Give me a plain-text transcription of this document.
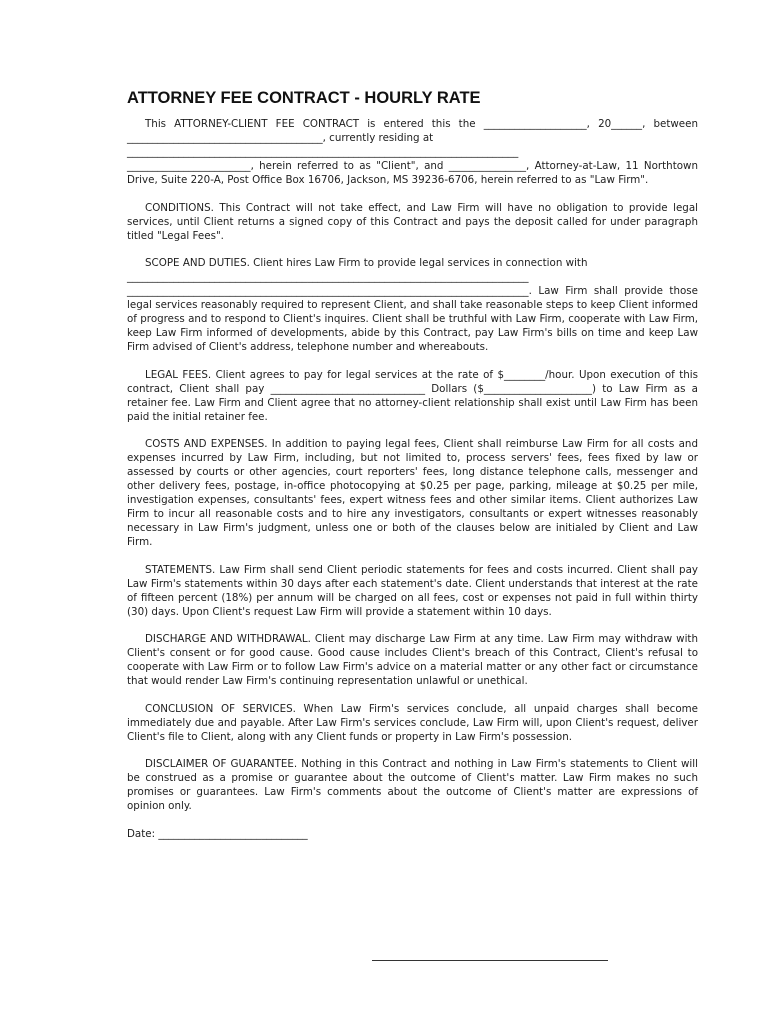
ATTORNEY FEE CONTRACT - HOURLY RATE

This ATTORNEY-CLIENT FEE CONTRACT is entered this the ____________________, 20______, between ______________________________________, currently residing at

____________________________________________________________________________

________________________, herein referred to as "Client", and _______________, Attorney-at-Law, 11 Northtown Drive, Suite 220-A, Post Office Box 16706, Jackson, MS 39236-6706, herein referred to as "Law Firm".

CONDITIONS. This Contract will not take effect, and Law Firm will have no obligation to provide legal services, until Client returns a signed copy of this Contract and pays the deposit called for under paragraph titled "Legal Fees".

SCOPE AND DUTIES. Client hires Law Firm to provide legal services in connection with

______________________________________________________________________________

______________________________________________________________________________. Law Firm shall provide those legal services reasonably required to represent Client, and shall take reasonable steps to keep Client informed of progress and to respond to Client's inquires. Client shall be truthful with Law Firm, cooperate with Law Firm, keep Law Firm informed of developments, abide by this Contract, pay Law Firm's bills on time and keep Law Firm advised of Client's address, telephone number and whereabouts.

LEGAL FEES. Client agrees to pay for legal services at the rate of $________/hour. Upon execution of this contract, Client shall pay ______________________________ Dollars ($_____________________) to Law Firm as a retainer fee. Law Firm and Client agree that no attorney-client relationship shall exist until Law Firm has been paid the initial retainer fee.

COSTS AND EXPENSES. In addition to paying legal fees, Client shall reimburse Law Firm for all costs and expenses incurred by Law Firm, including, but not limited to, process servers' fees, fees fixed by law or assessed by courts or other agencies, court reporters' fees, long distance telephone calls, messenger and other delivery fees, postage, in-office photocopying at $0.25 per page, parking, mileage at $0.25 per mile, investigation expenses, consultants' fees, expert witness fees and other similar items. Client authorizes Law Firm to incur all reasonable costs and to hire any investigators, consultants or expert witnesses reasonably necessary in Law Firm's judgment, unless one or both of the clauses below are initialed by Client and Law Firm.

STATEMENTS. Law Firm shall send Client periodic statements for fees and costs incurred. Client shall pay Law Firm's statements within 30 days after each statement's date. Client understands that interest at the rate of fifteen percent (18%) per annum will be charged on all fees, cost or expenses not paid in full within thirty (30) days. Upon Client's request Law Firm will provide a statement within 10 days.

DISCHARGE AND WITHDRAWAL. Client may discharge Law Firm at any time. Law Firm may withdraw with Client's consent or for good cause. Good cause includes Client's breach of this Contract, Client's refusal to cooperate with Law Firm or to follow Law Firm's advice on a material matter or any other fact or circumstance that would render Law Firm's continuing representation unlawful or unethical.

CONCLUSION OF SERVICES. When Law Firm's services conclude, all unpaid charges shall become immediately due and payable. After Law Firm's services conclude, Law Firm will, upon Client's request, deliver Client's file to Client, along with any Client funds or property in Law Firm's possession.

DISCLAIMER OF GUARANTEE. Nothing in this Contract and nothing in Law Firm's statements to Client will be construed as a promise or guarantee about the outcome of Client's matter. Law Firm makes no such promises or guarantees. Law Firm's comments about the outcome of Client's matter are expressions of opinion only.

Date: _____________________________
